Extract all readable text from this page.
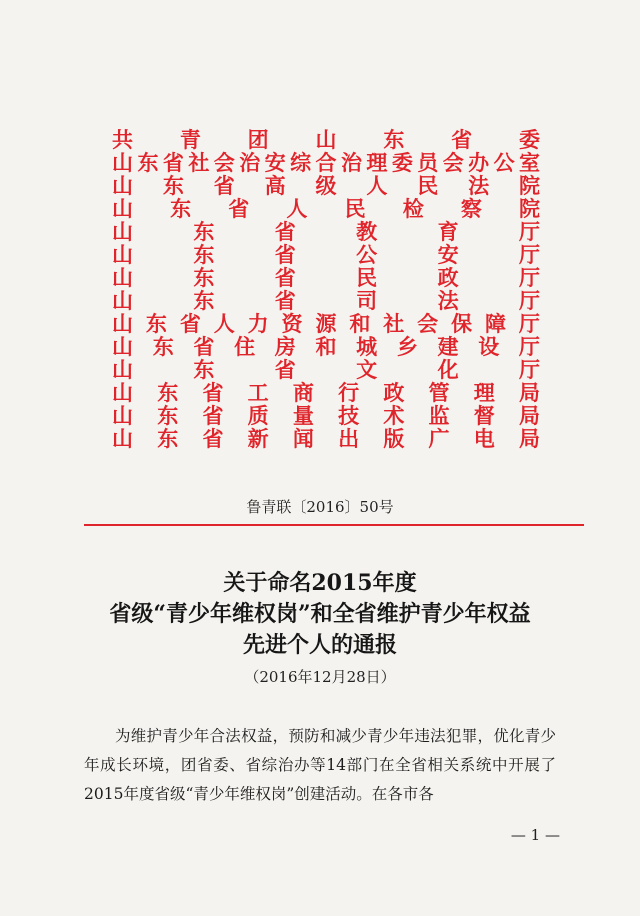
共 青 团 山 东 省 委
山 东 省 社 会 治 安 综 合 治 理 委 员 会 办 公 室
山 东 省 高 级 人 民 法 院
山 东 省 人 民 检 察 院
山	东	省	教	育	厅
山	东	省	公	安	厅
山	东	省	民	政	厅
山	东	省	司	法	厅
山 东 省 人 力 资 源 和 社 会 保 障 厅
山 东 省 住 房 和 城 乡 建 设 厅
山	东	省	文	化	厅
山 东 省 工 商 行 政 管 理 局
山 东 省 质 量 技 术 监 督 局
山 东 省 新 闻 出 版 广 电 局
鲁青联〔2016〕50号
关于命名2015年度
省级“青少年维权岗”和全省维护青少年权益
先进个人的通报
（2016年12月28日）
为维护青少年合法权益，预防和减少青少年违法犯罪，优化青少年成长环境，团省委、省综治办等14部门在全省相关系统中开展了2015年度省级“青少年维权岗”创建活动。在各市各
— 1 —
